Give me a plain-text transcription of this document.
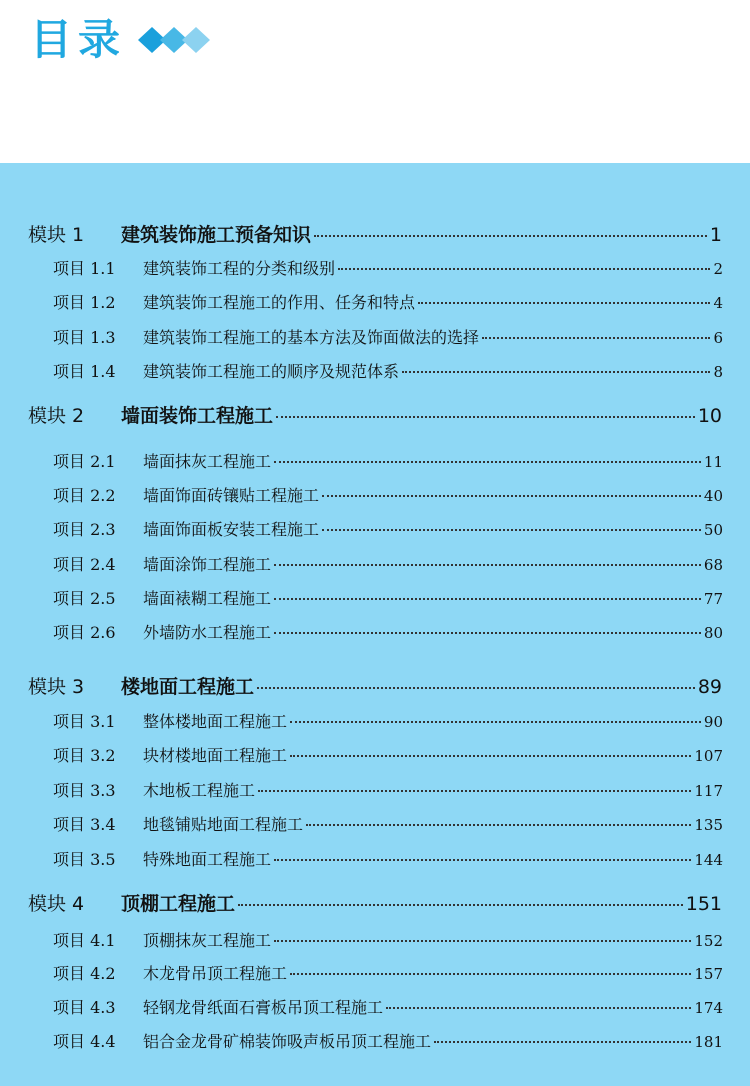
目录
模块 1	建筑装饰施工预备知识	1
项目 1.1	建筑装饰工程的分类和级别	2
项目 1.2	建筑装饰工程施工的作用、任务和特点	4
项目 1.3	建筑装饰工程施工的基本方法及饰面做法的选择	6
项目 1.4	建筑装饰工程施工的顺序及规范体系	8
模块 2	墙面装饰工程施工	10
项目 2.1	墙面抹灰工程施工	11
项目 2.2	墙面饰面砖镶贴工程施工	40
项目 2.3	墙面饰面板安装工程施工	50
项目 2.4	墙面涂饰工程施工	68
项目 2.5	墙面裱糊工程施工	77
项目 2.6	外墙防水工程施工	80
模块 3	楼地面工程施工	89
项目 3.1	整体楼地面工程施工	90
项目 3.2	块材楼地面工程施工	107
项目 3.3	木地板工程施工	117
项目 3.4	地毯铺贴地面工程施工	135
项目 3.5	特殊地面工程施工	144
模块 4	顶棚工程施工	151
项目 4.1	顶棚抹灰工程施工	152
项目 4.2	木龙骨吊顶工程施工	157
项目 4.3	轻钢龙骨纸面石膏板吊顶工程施工	174
项目 4.4	铝合金龙骨矿棉装饰吸声板吊顶工程施工	181
